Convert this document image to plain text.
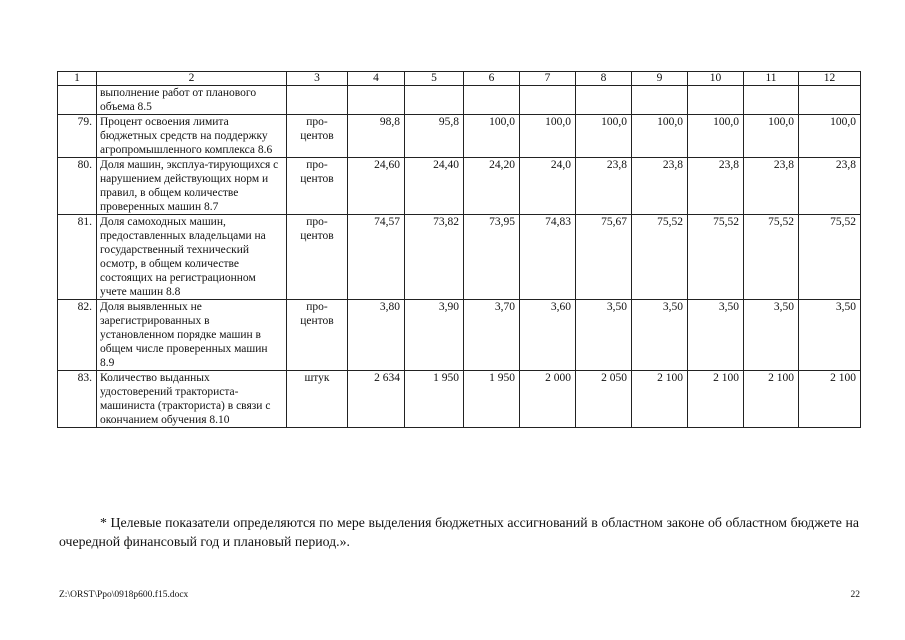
1	2	3	4	5	6	7	8	9	10	11	12
	выполнение работ от планового объема 8.5										
79.	Процент освоения лимита бюджетных средств на поддержку агропромышленного комплекса 8.6	про-центов	98,8	95,8	100,0	100,0	100,0	100,0	100,0	100,0	100,0
80.	Доля машин, эксплуа-тирующихся с нарушением действующих норм и правил, в общем количестве проверенных машин 8.7	про-центов	24,60	24,40	24,20	24,0	23,8	23,8	23,8	23,8	23,8
81.	Доля самоходных машин, предоставленных владельцами на государственный технический осмотр, в общем количестве состоящих на регистрационном учете машин 8.8	про-центов	74,57	73,82	73,95	74,83	75,67	75,52	75,52	75,52	75,52
82.	Доля выявленных не зарегистрированных в установленном порядке машин в общем числе проверенных машин 8.9	про-центов	3,80	3,90	3,70	3,60	3,50	3,50	3,50	3,50	3,50
83.	Количество выданных удостоверений тракториста-машиниста (тракториста) в связи с окончанием обучения 8.10	штук	2 634	1 950	1 950	2 000	2 050	2 100	2 100	2 100	2 100
* Целевые показатели определяются по мере выделения бюджетных ассигнований в областном законе об областном бюджете на очередной финансовый год и плановый период.».
Z:\ORST\Ppo\0918p600.f15.docx	22
